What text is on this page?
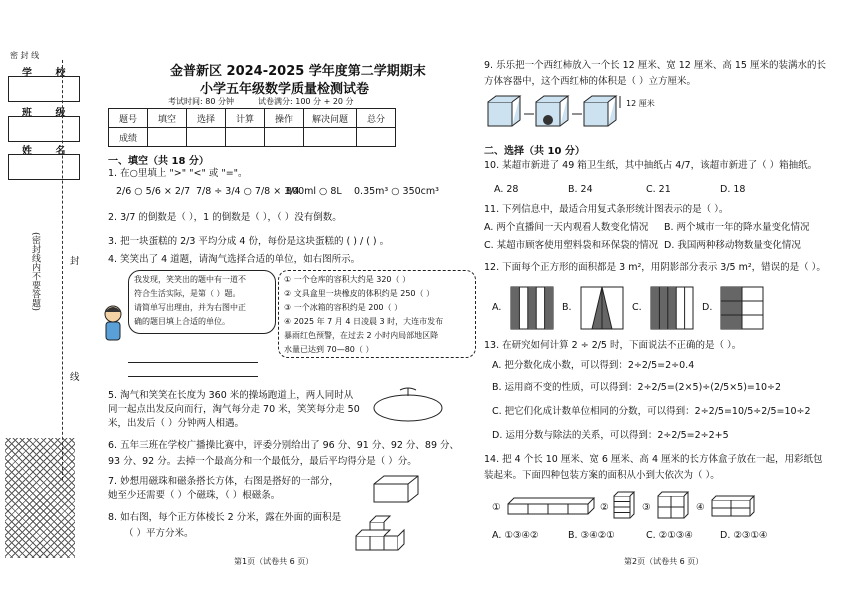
密 封 线
学 校
班 级
姓 名
(密封线内不要答题)	封
线
金普新区 2024-2025 学年度第二学期期末
小学五年级数学质量检测试卷
考试时间: 80 分钟	试卷满分: 100 分 + 20 分
题号	填空	选择	计算	操作	解决问题	总分
成绩						
一、填空（共 18 分）
1. 在○里填上 ">" "<" 或 "="。
2/6 ○ 5/6 × 2/7 7/8 ÷ 3/4 ○ 7/8 × 3/4
800ml ○ 8L 0.35m³ ○ 350cm³
2. 3/7 的倒数是（ ），1 的倒数是（ ），（ ）没有倒数。
3. 把一块蛋糕的 2/3 平均分成 4 份，每份是这块蛋糕的 ( ) / ( ) 。
4. 笑笑出了 4 道题，请淘气选择合适的单位，如右图所示。
我发现，笑笑出的题中有一道不
符合生活实际，是第（ ）题。
请简单写出理由，并为右图中正
确的题目填上合适的单位。
① 一个仓库的容积大约是 320（ ）
② 文具盒里一块橡皮的体积约是 250（ ）
③ 一个冰箱的容积约是 200（ ）
④ 2025 年 7 月 4 日凌晨 3 时，大连市发布
暴雨红色预警，在过去 2 小时内局部地区降
水量已达到 70—80（ ）
5. 淘气和笑笑在长度为 360 米的操场跑道上，两人同时从
同一起点出发反向而行，淘气每分走 70 米，笑笑每分走 50
米，出发后（ ）分钟两人相遇。
6. 五年三班在学校广播操比赛中，评委分别给出了 96 分、91 分、92 分、89 分、
93 分、92 分。去掉一个最高分和一个最低分，最后平均得分是（ ）分。
7. 妙想用磁珠和磁条搭长方体，右图是搭好的一部分，
她至少还需要（ ）个磁珠，（ ）根磁条。
8. 如右图，每个正方体棱长 2 分米，露在外面的面积是
（ ）平方分米。
第1页（试卷共 6 页）
9. 乐乐把一个西红柿放入一个长 12 厘米、宽 12 厘米、高 15 厘米的装满水的长
方体容器中，这个西红柿的体积是（ ）立方厘米。
12 厘米
二、选择（共 10 分）
10. 某超市新进了 49 箱卫生纸，其中抽纸占 4/7，该超市新进了（ ）箱抽纸。
A. 28	B. 24	C. 21	D. 18
11. 下列信息中，最适合用复式条形统计图表示的是（ ）。
A. 两个直播间一天内观看人数变化情况 B. 两个城市一年的降水量变化情况
C. 某超市顾客使用塑料袋和环保袋的情况 D. 我国两种移动物数量变化情况
12. 下面每个正方形的面积都是 3 m²，用阴影部分表示 3/5 m²，错误的是（ ）。
A.	B.	C.	D.
13. 在研究如何计算 2 ÷ 2/5 时，下面说法不正确的是（ ）。
A. 把分数化成小数，可以得到：2÷2/5=2÷0.4
B. 运用商不变的性质，可以得到：2÷2/5=(2×5)÷(2/5×5)=10÷2
C. 把它们化成计数单位相同的分数，可以得到：2÷2/5=10/5÷2/5=10÷2
D. 运用分数与除法的关系，可以得到：2÷2/5=2÷2+5
14. 把 4 个长 10 厘米、宽 6 厘米、高 4 厘米的长方体盒子放在一起，用彩纸包
装起来。下面四种包装方案的面积从小到大依次为（ ）。
①	②	③	④
A. ①③④②	B. ③④②①	C. ②①③④	D. ②③①④
第2页（试卷共 6 页）
